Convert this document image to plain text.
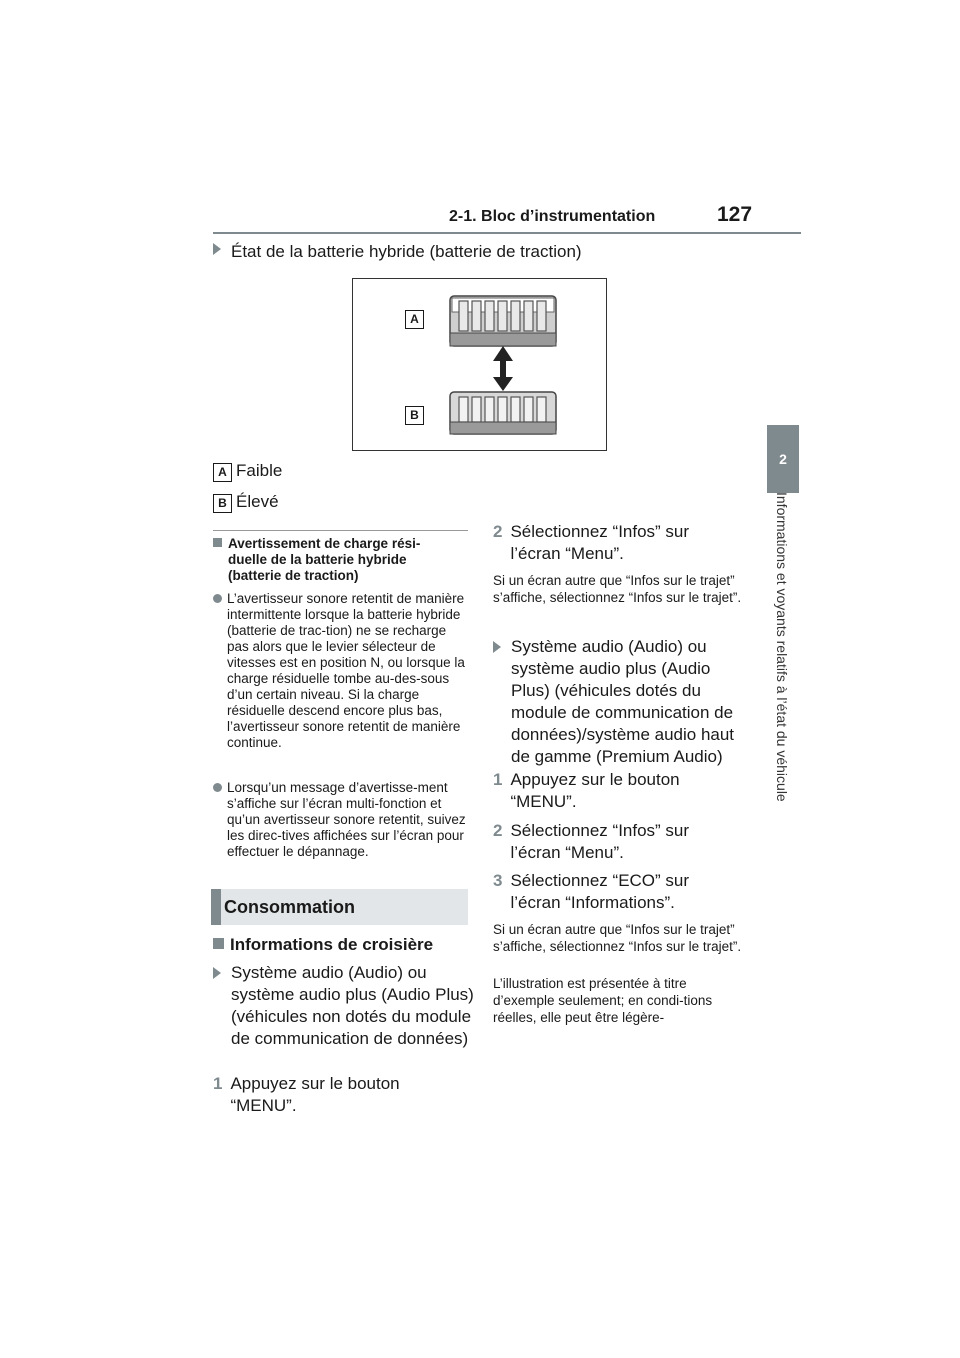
2-1. Bloc d’instrumentation	127
2
Informations et voyants relatifs à l’état du véhicule
État de la batterie hybride (batterie de traction)
A
B
A Faible
B Élevé
Avertissement de charge rési-
duelle de la batterie hybride
(batterie de traction)
L’avertisseur sonore retentit de manière intermittente lorsque la batterie hybride (batterie de trac-tion) ne se recharge pas alors que le levier sélecteur de vitesses est en position N, ou lorsque la charge résiduelle tombe au-des-sous d’un certain niveau. Si la charge résiduelle descend encore plus bas, l’avertisseur sonore retentit de manière continue.
Lorsqu’un message d’avertisse-ment s’affiche sur l’écran multi-fonction et qu’un avertisseur sonore retentit, suivez les direc-tives affichées sur l’écran pour effectuer le dépannage.
Consommation
Informations de croisière
Système audio (Audio) ou système audio plus (Audio Plus) (véhicules non dotés du module de communication de données)
1 Appuyez sur le bouton “MENU”.
2 Sélectionnez “Infos” sur l’écran “Menu”.
Si un écran autre que “Infos sur le trajet” s’affiche, sélectionnez “Infos sur le trajet”.
Système audio (Audio) ou système audio plus (Audio Plus) (véhicules dotés du module de communication de données)/système audio haut de gamme (Premium Audio)
1 Appuyez sur le bouton “MENU”.
2 Sélectionnez “Infos” sur l’écran “Menu”.
3 Sélectionnez “ECO” sur l’écran “Informations”.
Si un écran autre que “Infos sur le trajet” s’affiche, sélectionnez “Infos sur le trajet”.
L’illustration est présentée à titre d’exemple seulement; en condi-tions réelles, elle peut être légère-
